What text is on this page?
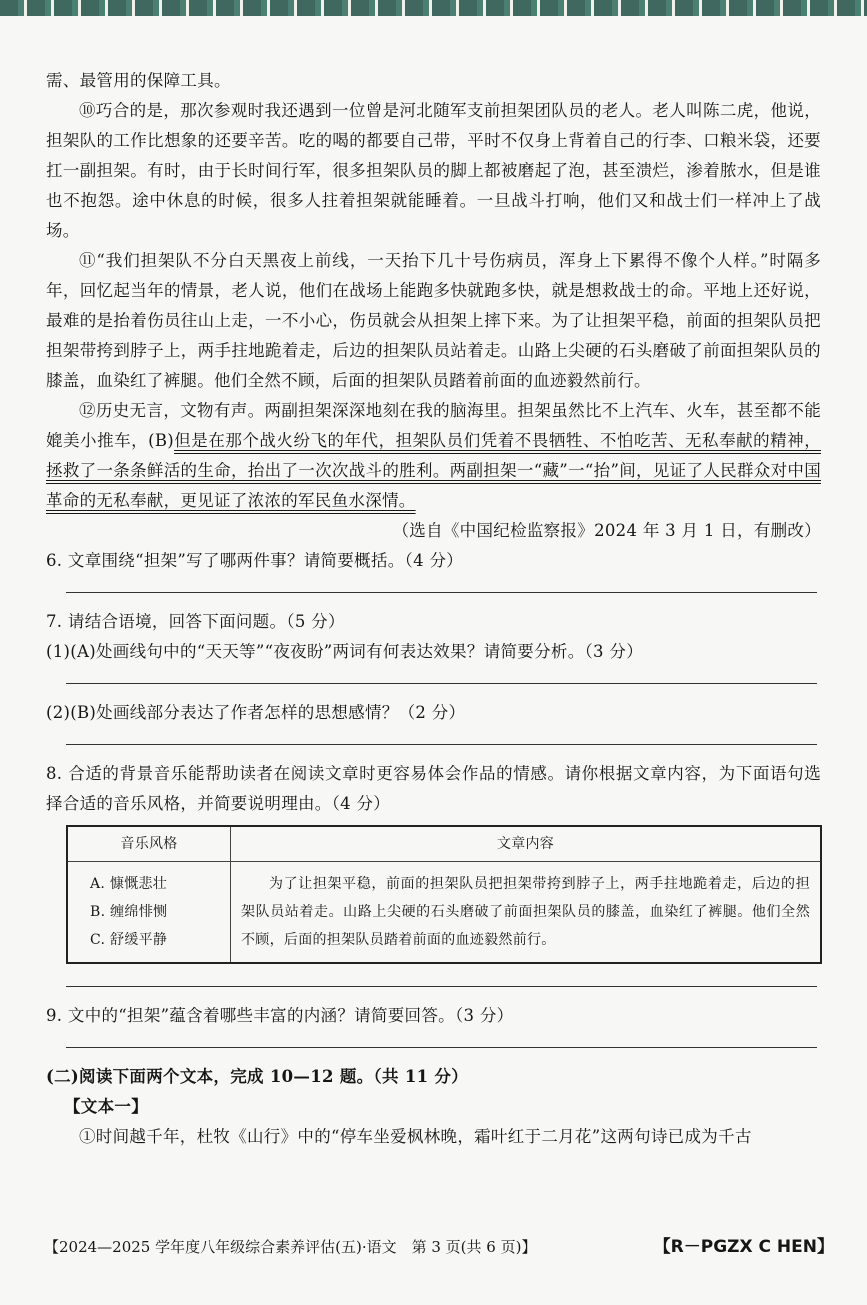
需、最管用的保障工具。

⑩巧合的是，那次参观时我还遇到一位曾是河北随军支前担架团队员的老人。老人叫陈二虎，他说，担架队的工作比想象的还要辛苦。吃的喝的都要自己带，平时不仅身上背着自己的行李、口粮米袋，还要扛一副担架。有时，由于长时间行军，很多担架队员的脚上都被磨起了泡，甚至溃烂，渗着脓水，但是谁也不抱怨。途中休息的时候，很多人拄着担架就能睡着。一旦战斗打响，他们又和战士们一样冲上了战场。

⑪“我们担架队不分白天黑夜上前线，一天抬下几十号伤病员，浑身上下累得不像个人样。”时隔多年，回忆起当年的情景，老人说，他们在战场上能跑多快就跑多快，就是想救战士的命。平地上还好说，最难的是抬着伤员往山上走，一不小心，伤员就会从担架上摔下来。为了让担架平稳，前面的担架队员把担架带挎到脖子上，两手拄地跪着走，后边的担架队员站着走。山路上尖硬的石头磨破了前面担架队员的膝盖，血染红了裤腿。他们全然不顾，后面的担架队员踏着前面的血迹毅然前行。

⑫历史无言，文物有声。两副担架深深地刻在我的脑海里。担架虽然比不上汽车、火车，甚至都不能媲美小推车，(B)但是在那个战火纷飞的年代，担架队员们凭着不畏牺牲、不怕吃苦、无私奉献的精神，拯救了一条条鲜活的生命，抬出了一次次战斗的胜利。两副担架一“藏”一“抬”间，见证了人民群众对中国革命的无私奉献，更见证了浓浓的军民鱼水深情。

（选自《中国纪检监察报》2024 年 3 月 1 日，有删改）

6. 文章围绕“担架”写了哪两件事？请简要概括。（4 分）

7. 请结合语境，回答下面问题。（5 分）

(1)(A)处画线句中的“天天等”“夜夜盼”两词有何表达效果？请简要分析。（3 分）

(2)(B)处画线部分表达了作者怎样的思想感情？（2 分）

8. 合适的背景音乐能帮助读者在阅读文章时更容易体会作品的情感。请你根据文章内容，为下面语句选择合适的音乐风格，并简要说明理由。（4 分）

音乐风格	文章内容

A. 慷慨悲壮
B. 缠绵悱恻
C. 舒缓平静	为了让担架平稳，前面的担架队员把担架带挎到脖子上，两手拄地跪着走，后边的担架队员站着走。山路上尖硬的石头磨破了前面担架队员的膝盖，血染红了裤腿。他们全然不顾，后面的担架队员踏着前面的血迹毅然前行。

9. 文中的“担架”蕴含着哪些丰富的内涵？请简要回答。（3 分）

(二)阅读下面两个文本，完成 10—12 题。（共 11 分）

【文本一】

①时间越千年，杜牧《山行》中的“停车坐爱枫林晚，霜叶红于二月花”这两句诗已成为千古

【2024—2025 学年度八年级综合素养评估(五)·语文　第 3 页(共 6 页)】	【R－PGZX C HEN】
